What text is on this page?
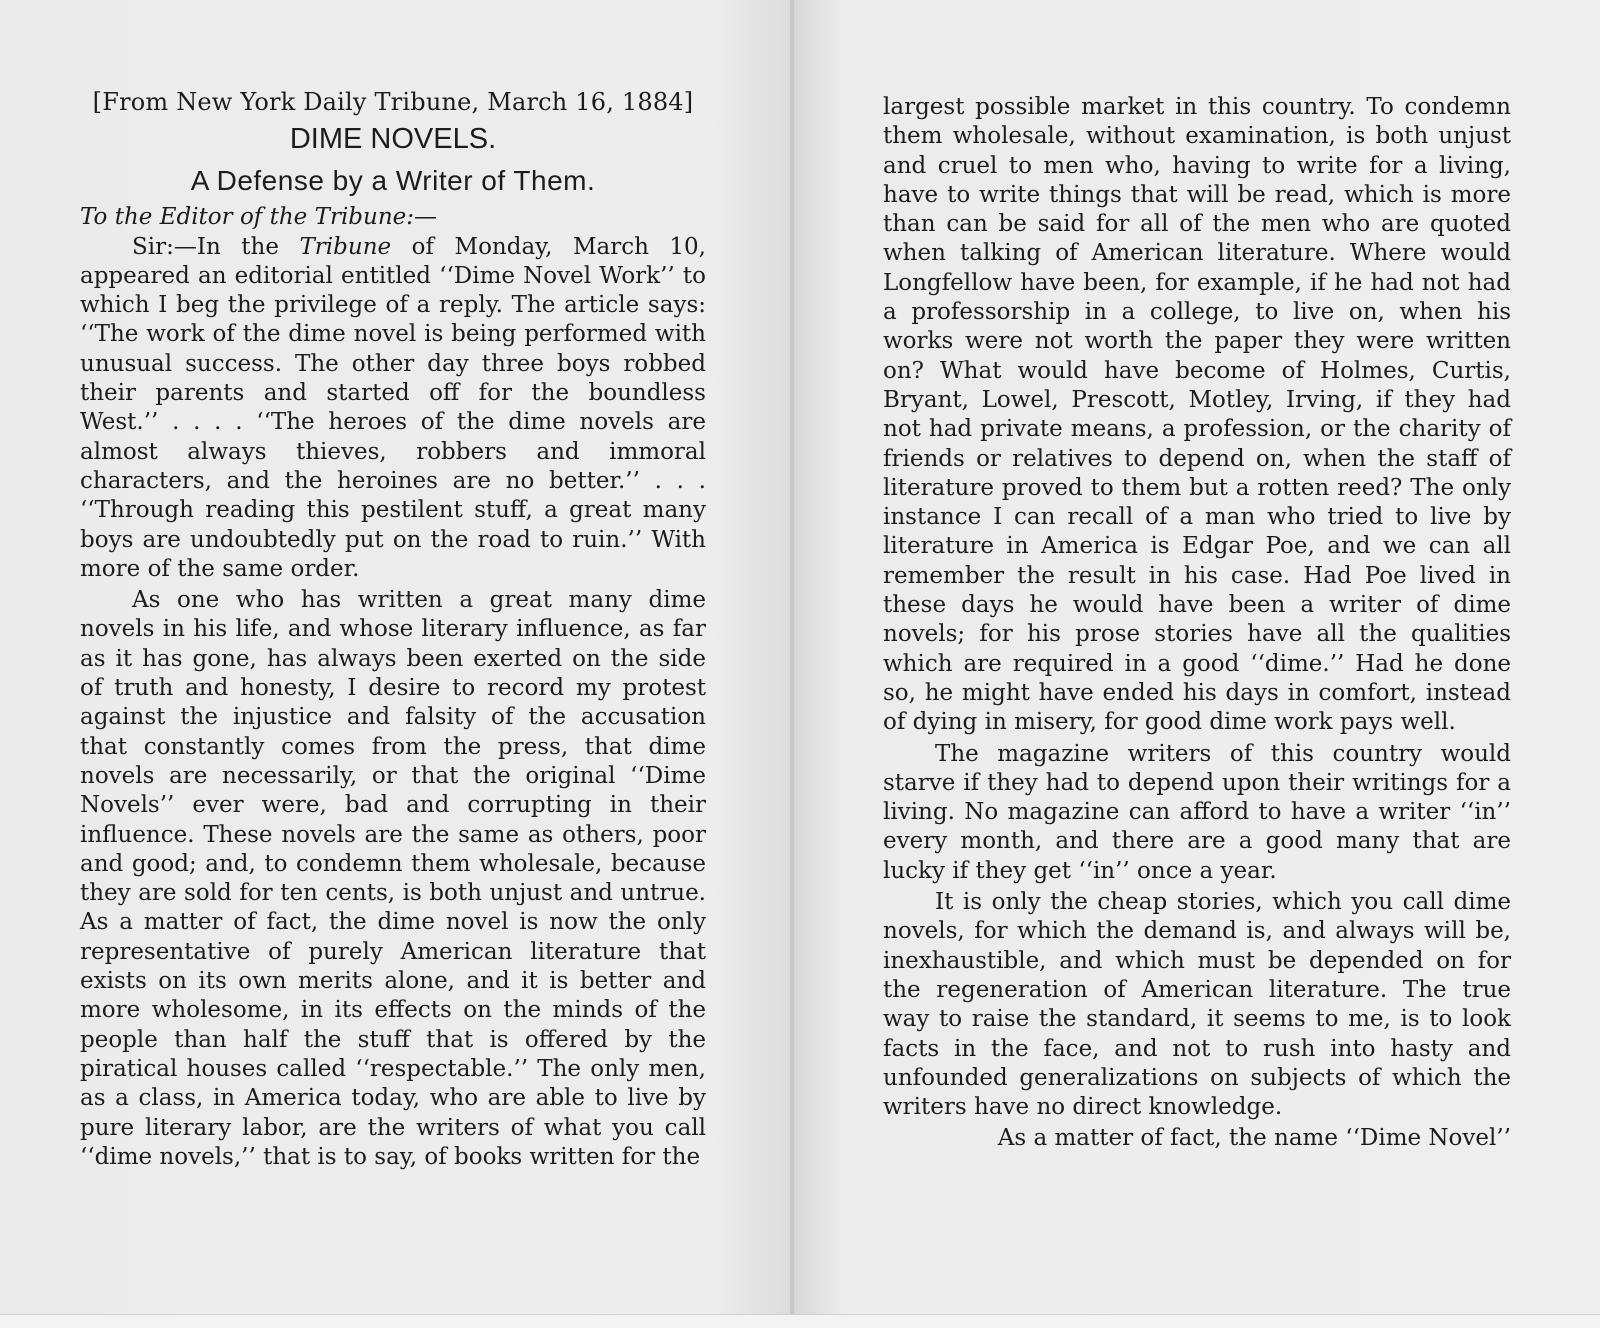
[From New York Daily Tribune, March 16, 1884]
DIME NOVELS.
A Defense by a Writer of Them.
To the Editor of the Tribune:—

Sir:—In the Tribune of Monday, March 10, appeared an editorial entitled ‘‘Dime Novel Work’’ to which I beg the privilege of a reply. The article says: ‘‘The work of the dime novel is being performed with unusual success. The other day three boys robbed their parents and started off for the boundless West.’’ . . . . ‘‘The heroes of the dime novels are almost always thieves, robbers and immoral characters, and the heroines are no better.’’ . . . ‘‘Through reading this pestilent stuff, a great many boys are undoubtedly put on the road to ruin.’’ With more of the same order.

As one who has written a great many dime novels in his life, and whose literary influence, as far as it has gone, has always been exerted on the side of truth and honesty, I desire to record my protest against the injustice and falsity of the accusation that constantly comes from the press, that dime novels are necessarily, or that the original ‘‘Dime Novels’’ ever were, bad and corrupting in their influence. These novels are the same as others, poor and good; and, to condemn them wholesale, because they are sold for ten cents, is both unjust and untrue. As a matter of fact, the dime novel is now the only representative of purely American literature that exists on its own merits alone, and it is better and more wholesome, in its effects on the minds of the people than half the stuff that is offered by the piratical houses called ‘‘respectable.’’ The only men, as a class, in America today, who are able to live by pure literary labor, are the writers of what you call ‘‘dime novels,’’ that is to say, of books written for the

largest possible market in this country. To condemn them wholesale, without examination, is both unjust and cruel to men who, having to write for a living, have to write things that will be read, which is more than can be said for all of the men who are quoted when talking of American literature. Where would Longfellow have been, for example, if he had not had a professorship in a college, to live on, when his works were not worth the paper they were written on? What would have become of Holmes, Curtis, Bryant, Lowel, Prescott, Motley, Irving, if they had not had private means, a profession, or the charity of friends or relatives to depend on, when the staff of literature proved to them but a rotten reed? The only instance I can recall of a man who tried to live by literature in America is Edgar Poe, and we can all remember the result in his case. Had Poe lived in these days he would have been a writer of dime novels; for his prose stories have all the qualities which are required in a good ‘‘dime.’’ Had he done so, he might have ended his days in comfort, instead of dying in misery, for good dime work pays well.

The magazine writers of this country would starve if they had to depend upon their writings for a living. No magazine can afford to have a writer ‘‘in’’ every month, and there are a good many that are lucky if they get ‘‘in’’ once a year.

It is only the cheap stories, which you call dime novels, for which the demand is, and always will be, inexhaustible, and which must be depended on for the regeneration of American literature. The true way to raise the standard, it seems to me, is to look facts in the face, and not to rush into hasty and unfounded generalizations on subjects of which the writers have no direct knowledge.

As a matter of fact, the name ‘‘Dime Novel’’
